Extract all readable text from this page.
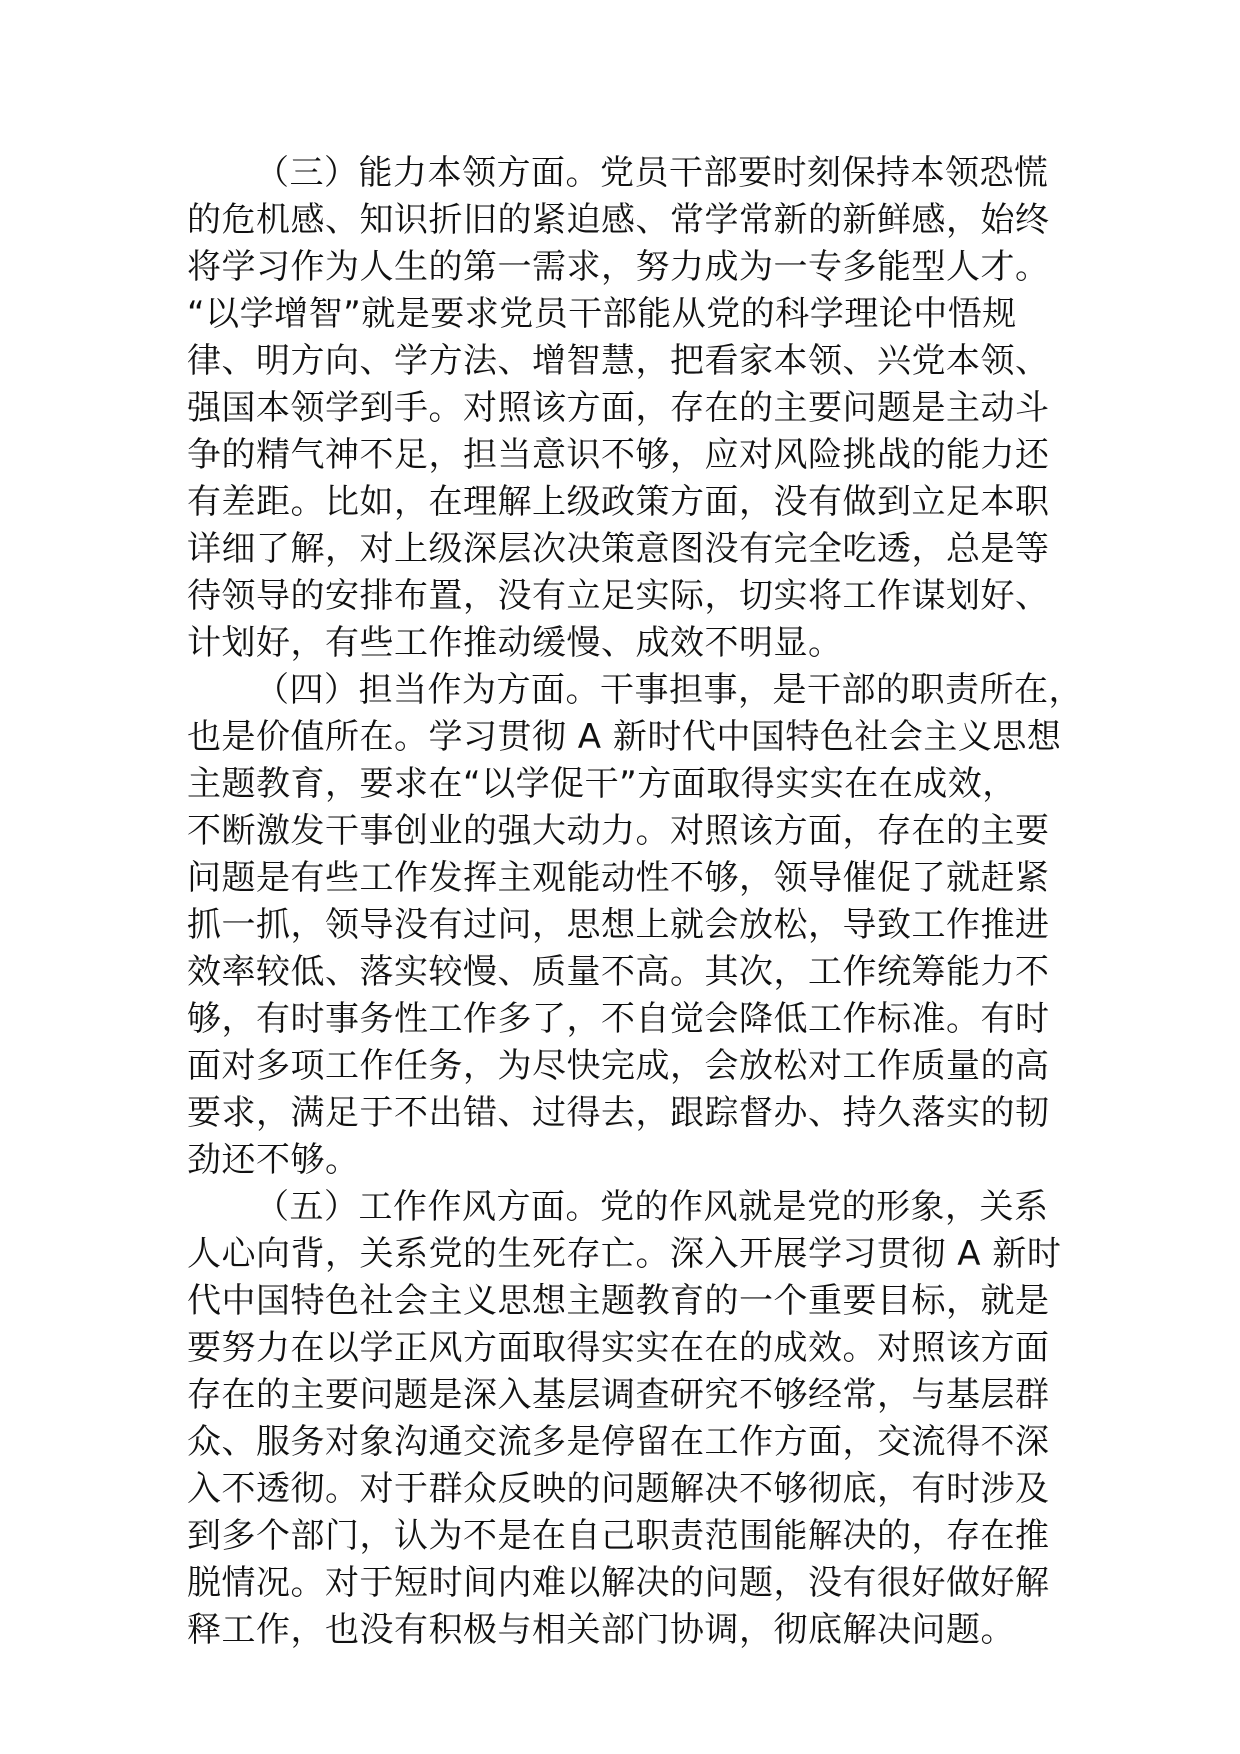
（三）能力本领方面。党员干部要时刻保持本领恐慌
的危机感、知识折旧的紧迫感、常学常新的新鲜感，始终
将学习作为人生的第一需求，努力成为一专多能型人才。
“以学增智”就是要求党员干部能从党的科学理论中悟规
律、明方向、学方法、增智慧，把看家本领、兴党本领、
强国本领学到手。对照该方面，存在的主要问题是主动斗
争的精气神不足，担当意识不够，应对风险挑战的能力还
有差距。比如，在理解上级政策方面，没有做到立足本职
详细了解，对上级深层次决策意图没有完全吃透，总是等
待领导的安排布置，没有立足实际，切实将工作谋划好、
计划好，有些工作推动缓慢、成效不明显。
（四）担当作为方面。干事担事，是干部的职责所在，
也是价值所在。学习贯彻 A 新时代中国特色社会主义思想
主题教育，要求在“以学促干”方面取得实实在在成效，
不断激发干事创业的强大动力。对照该方面，存在的主要
问题是有些工作发挥主观能动性不够，领导催促了就赶紧
抓一抓，领导没有过问，思想上就会放松，导致工作推进
效率较低、落实较慢、质量不高。其次，工作统筹能力不
够，有时事务性工作多了，不自觉会降低工作标准。有时
面对多项工作任务，为尽快完成，会放松对工作质量的高
要求，满足于不出错、过得去，跟踪督办、持久落实的韧
劲还不够。
（五）工作作风方面。党的作风就是党的形象，关系
人心向背，关系党的生死存亡。深入开展学习贯彻 A 新时
代中国特色社会主义思想主题教育的一个重要目标，就是
要努力在以学正风方面取得实实在在的成效。对照该方面
存在的主要问题是深入基层调查研究不够经常，与基层群
众、服务对象沟通交流多是停留在工作方面，交流得不深
入不透彻。对于群众反映的问题解决不够彻底，有时涉及
到多个部门，认为不是在自己职责范围能解决的，存在推
脱情况。对于短时间内难以解决的问题，没有很好做好解
释工作，也没有积极与相关部门协调，彻底解决问题。
